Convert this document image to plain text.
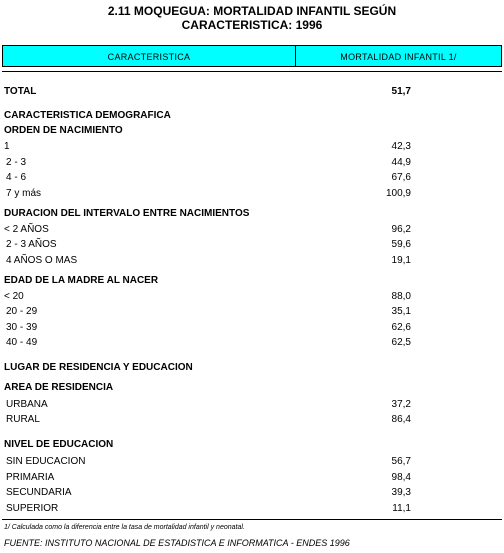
2.11 MOQUEGUA: MORTALIDAD INFANTIL SEGÚN
CARACTERISTICA: 1996
CARACTERISTICA	MORTALIDAD INFANTIL 1/
TOTAL	51,7
CARACTERISTICA DEMOGRAFICA
ORDEN DE NACIMIENTO
1	42,3
2 - 3	44,9
4 - 6	67,6
7 y más	100,9
DURACION DEL INTERVALO ENTRE NACIMIENTOS
< 2 AÑOS	96,2
2 - 3 AÑOS	59,6
4 AÑOS O MAS	19,1
EDAD DE LA MADRE AL NACER
< 20	88,0
20 - 29	35,1
30 - 39	62,6
40 - 49	62,5
LUGAR DE RESIDENCIA Y EDUCACION
AREA DE RESIDENCIA
URBANA	37,2
RURAL	86,4
NIVEL DE EDUCACION
SIN EDUCACION	56,7
PRIMARIA	98,4
SECUNDARIA	39,3
SUPERIOR	11,1
1/ Calculada como la diferencia entre la tasa de mortalidad infantil y neonatal.
FUENTE: INSTITUTO NACIONAL DE ESTADISTICA E INFORMATICA - ENDES 1996
